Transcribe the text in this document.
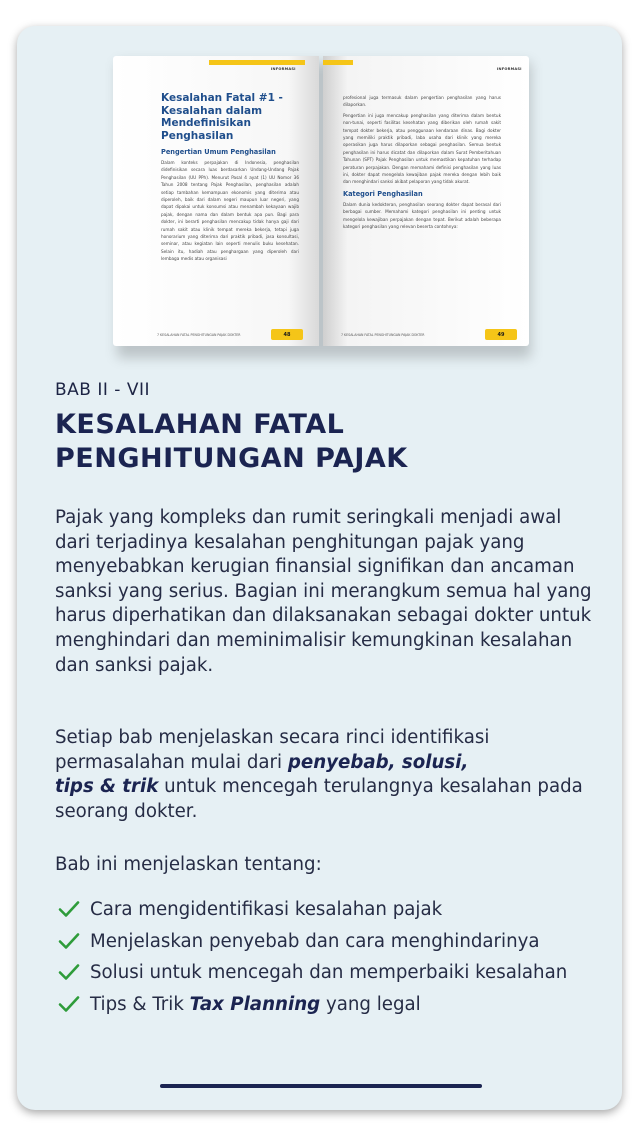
INFORMASI
Kesalahan Fatal #1 -
Kesalahan dalam
Mendefinisikan
Penghasilan
Pengertian Umum Penghasilan

Dalam konteks perpajakan di Indonesia, penghasilan didefinisikan secara luas berdasarkan Undang-Undang Pajak Penghasilan (UU PPh). Menurut Pasal 4 ayat (1) UU Nomor 36 Tahun 2008 tentang Pajak Penghasilan, penghasilan adalah setiap tambahan kemampuan ekonomis yang diterima atau diperoleh, baik dari dalam negeri maupun luar negeri, yang dapat dipakai untuk konsumsi atau menambah kekayaan wajib pajak, dengan nama dan dalam bentuk apa pun. Bagi para dokter, ini berarti penghasilan mencakup tidak hanya gaji dari rumah sakit atau klinik tempat mereka bekerja, tetapi juga honorarium yang diterima dari praktik pribadi, jasa konsultasi, seminar, atau kegiatan lain seperti menulis buku kesehatan. Selain itu, hadiah atau penghargaan yang diperoleh dari lembaga medis atau organisasi

7 KESALAHAN FATAL PENGHITUNGAN PAJAK DOKTER	48
INFORMASI

profesional juga termasuk dalam pengertian penghasilan yang harus dilaporkan.

Pengertian ini juga mencakup penghasilan yang diterima dalam bentuk non-tunai, seperti fasilitas kesehatan yang diberikan oleh rumah sakit tempat dokter bekerja, atau penggunaan kendaraan dinas. Bagi dokter yang memiliki praktik pribadi, laba usaha dari klinik yang mereka operasikan juga harus dilaporkan sebagai penghasilan. Semua bentuk penghasilan ini harus dicatat dan dilaporkan dalam Surat Pemberitahuan Tahunan (SPT) Pajak Penghasilan untuk memastikan kepatuhan terhadap peraturan perpajakan. Dengan memahami definisi penghasilan yang luas ini, dokter dapat mengelola kewajiban pajak mereka dengan lebih baik dan menghindari sanksi akibat pelaporan yang tidak akurat.

Kategori Penghasilan

Dalam dunia kedokteran, penghasilan seorang dokter dapat berasal dari berbagai sumber. Memahami kategori penghasilan ini penting untuk mengelola kewajiban perpajakan dengan tepat. Berikut adalah beberapa kategori penghasilan yang relevan beserta contohnya:

7 KESALAHAN FATAL PENGHITUNGAN PAJAK DOKTER	49
BAB II - VII
KESALAHAN FATAL
PENGHITUNGAN PAJAK

Pajak yang kompleks dan rumit seringkali menjadi awal dari terjadinya kesalahan penghitungan pajak yang menyebabkan kerugian finansial signifikan dan ancaman sanksi yang serius. Bagian ini merangkum semua hal yang harus diperhatikan dan dilaksanakan sebagai dokter untuk menghindari dan meminimalisir kemungkinan kesalahan dan sanksi pajak.

Setiap bab menjelaskan secara rinci identifikasi permasalahan mulai dari penyebab, solusi,
tips & trik untuk mencegah terulangnya kesalahan pada seorang dokter.

Bab ini menjelaskan tentang:

Cara mengidentifikasi kesalahan pajak
Menjelaskan penyebab dan cara menghindarinya
Solusi untuk mencegah dan memperbaiki kesalahan
Tips & Trik Tax Planning yang legal
